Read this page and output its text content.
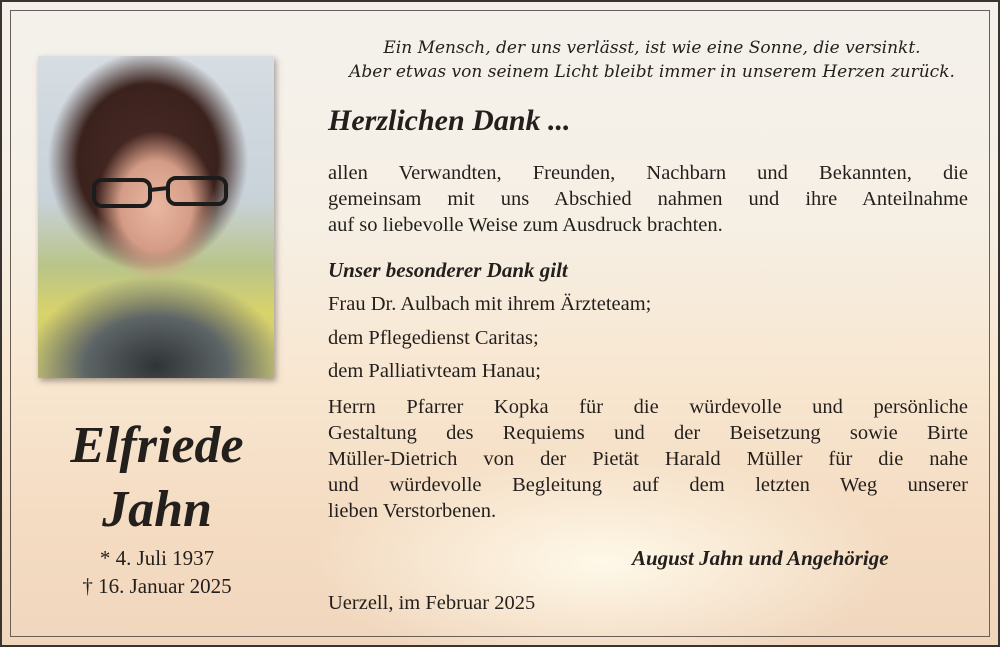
Ein Mensch, der uns verlässt, ist wie eine Sonne, die versinkt.

Aber etwas von seinem Licht bleibt immer in unserem Herzen zurück.

Herzlichen Dank ...

allen Verwandten, Freunden, Nachbarn und Bekannten, die

gemeinsam mit uns Abschied nahmen und ihre Anteilnahme

auf so liebevolle Weise zum Ausdruck brachten.

Unser besonderer Dank gilt

Frau Dr. Aulbach mit ihrem Ärzteteam;

dem Pflegedienst Caritas;

dem Palliativteam Hanau;

Herrn Pfarrer Kopka für die würdevolle und persönliche

Gestaltung des Requiems und der Beisetzung sowie Birte

Müller-Dietrich von der Pietät Harald Müller für die nahe

und würdevolle Begleitung auf dem letzten Weg unserer

lieben Verstorbenen.

August Jahn und Angehörige

Uerzell, im Februar 2025

Elfriede

Jahn

* 4. Juli 1937

† 16. Januar 2025
